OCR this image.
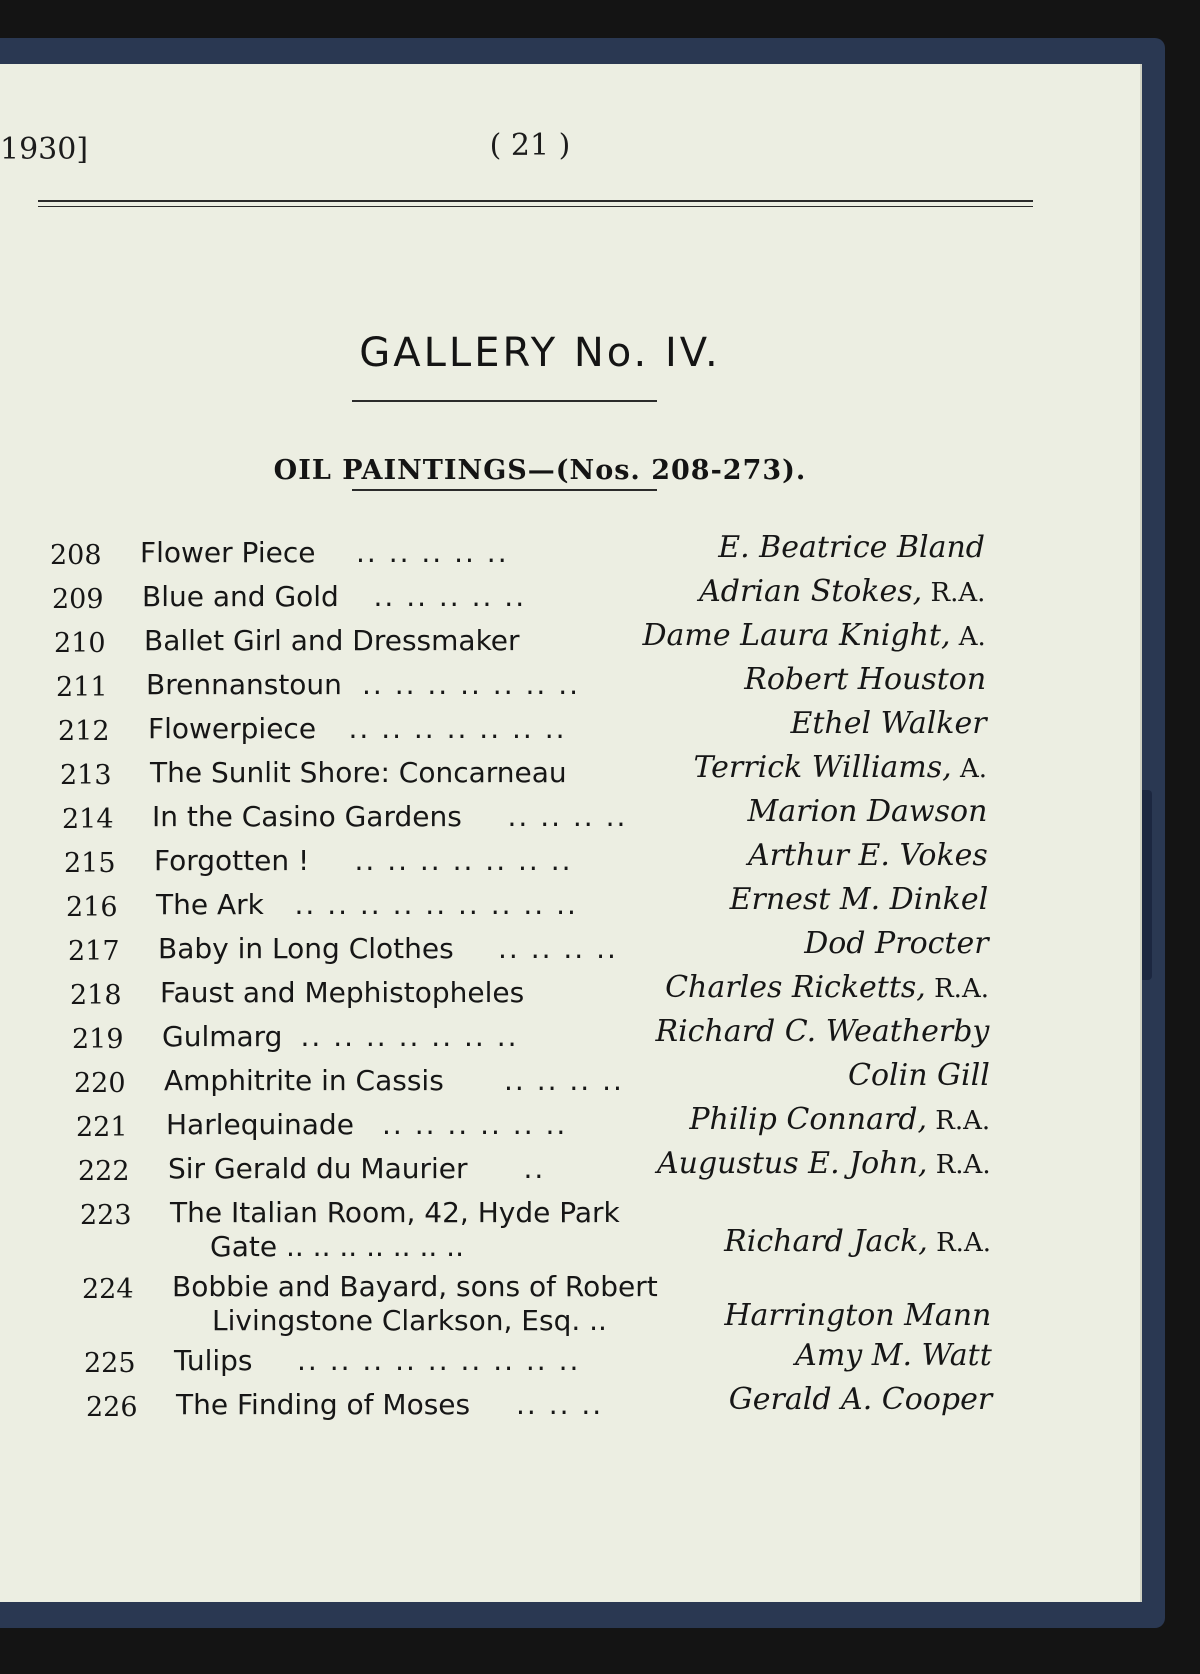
1930]	( 21 )
GALLERY No. IV.
OIL PAINTINGS—(Nos. 208-273).
208	Flower Piece .. .. .. .. ..	E. Beatrice Bland
209	Blue and Gold .. .. .. .. ..	Adrian Stokes, R.A.
210	Ballet Girl and Dressmaker	Dame Laura Knight, A.
211	Brennanstoun .. .. .. .. .. .. ..	Robert Houston
212	Flowerpiece .. .. .. .. .. .. ..	Ethel Walker
213	The Sunlit Shore: Concarneau	Terrick Williams, A.
214	In the Casino Gardens .. .. .. ..	Marion Dawson
215	Forgotten ! .. .. .. .. .. .. ..	Arthur E. Vokes
216	The Ark .. .. .. .. .. .. .. .. ..	Ernest M. Dinkel
217	Baby in Long Clothes .. .. .. ..	Dod Procter
218	Faust and Mephistopheles	Charles Ricketts, R.A.
219	Gulmarg .. .. .. .. .. .. ..	Richard C. Weatherby
220	Amphitrite in Cassis .. .. .. ..	Colin Gill
221	Harlequinade .. .. .. .. .. ..	Philip Connard, R.A.
222	Sir Gerald du Maurier ..	Augustus E. John, R.A.
223	The Italian Room, 42, Hyde Park
Gate .. .. .. .. .. .. ..	Richard Jack, R.A.
224	Bobbie and Bayard, sons of Robert
Livingstone Clarkson, Esq. ..	Harrington Mann
225	Tulips .. .. .. .. .. .. .. .. ..	Amy M. Watt
226	The Finding of Moses .. .. ..	Gerald A. Cooper
